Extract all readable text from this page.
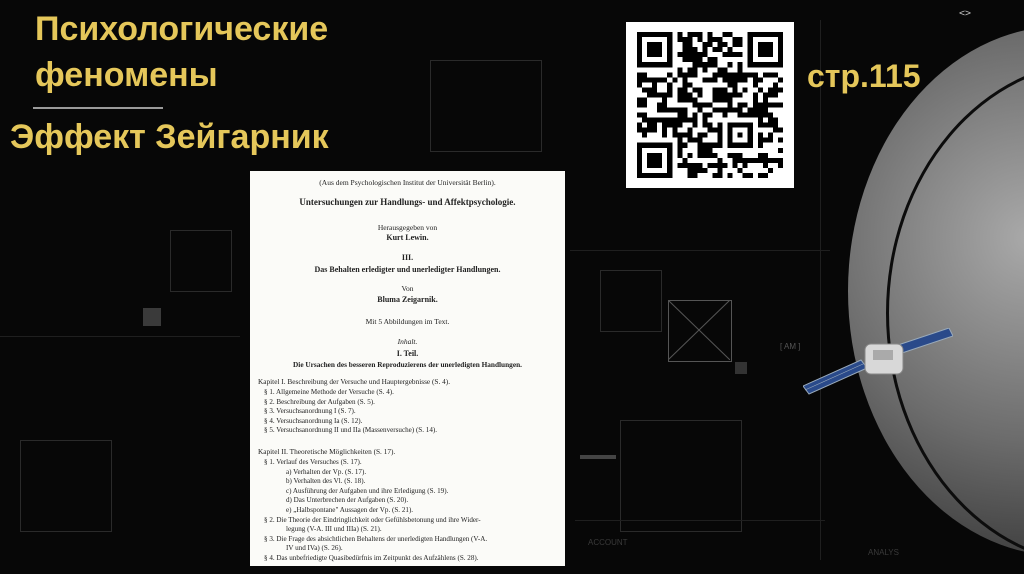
ACCOUNT
ANALYS
[ AM ]
Психологические феномены
Эффект Зейгарник
стр.115
<>
(Aus dem Psychologischen Institut der Universität Berlin).
Untersuchungen zur Handlungs- und Affektpsychologie.
Herausgegeben von
Kurt Lewin.
III.
Das Behalten erledigter und unerledigter Handlungen.
Von
Bluma Zeigarnik.
Mit 5 Abbildungen im Text.
Inhalt.
I. Teil.
Die Ursachen des besseren Reproduzierens der unerledigten Handlungen.
Kapitel I. Beschreibung der Versuche und Hauptergebnisse (S. 4).
§ 1. Allgemeine Methode der Versuche (S. 4).
§ 2. Beschreibung der Aufgaben (S. 5).
§ 3. Versuchsanordnung I (S. 7).
§ 4. Versuchsanordnung Ia (S. 12).
§ 5. Versuchsanordnung II und IIa (Massenversuche) (S. 14).
Kapitel II. Theoretische Möglichkeiten (S. 17).
§ 1. Verlauf des Versuches (S. 17).
a) Verhalten der Vp. (S. 17).
b) Verhalten des Vl. (S. 18).
c) Ausführung der Aufgaben und ihre Erledigung (S. 19).
d) Das Unterbrechen der Aufgaben (S. 20).
e) „Halbspontane" Aussagen der Vp. (S. 21).
§ 2. Die Theorie der Eindringlichkeit oder Gefühlsbetonung und ihre Wider-
legung (V-A. III und IIIa) (S. 21).
§ 3. Die Frage des absichtlichen Behaltens der unerledigten Handlungen (V-A.
IV und IVa) (S. 26).
§ 4. Das unbefriedigte Quasibedürfnis im Zeitpunkt des Aufzählens (S. 28).
